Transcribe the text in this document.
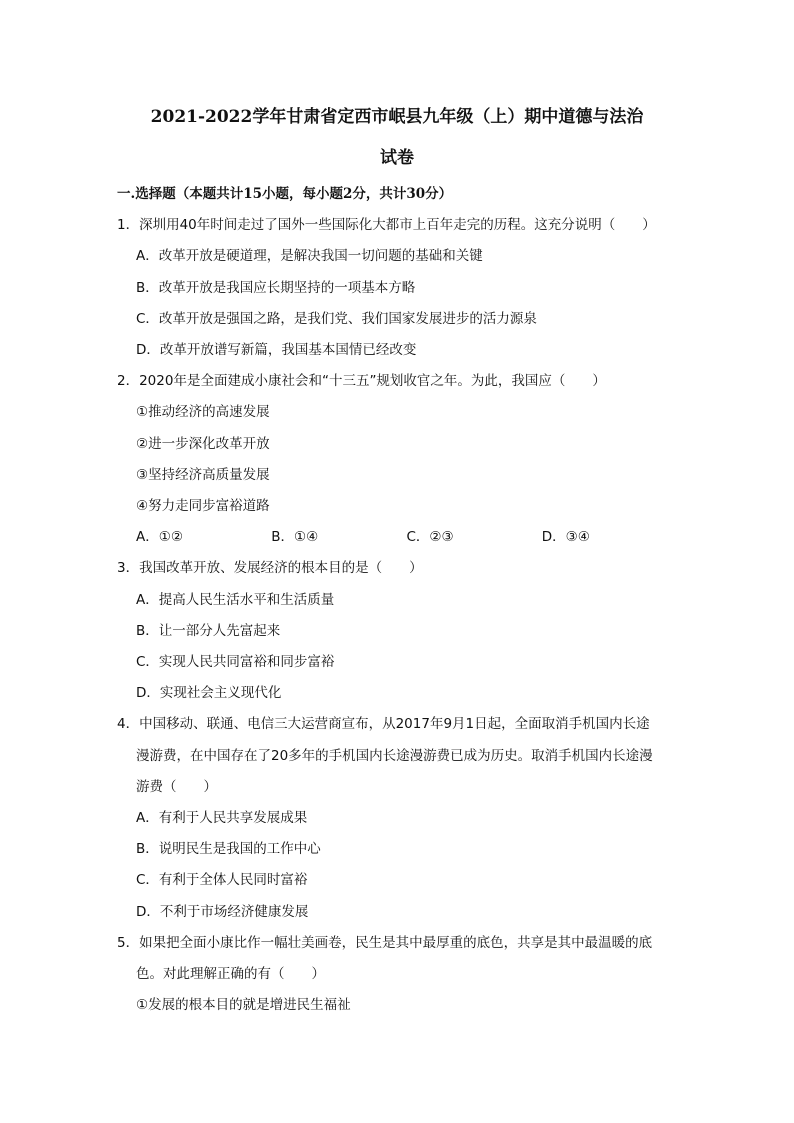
2021-2022学年甘肃省定西市岷县九年级（上）期中道德与法治
试卷
一.选择题（本题共计15小题，每小题2分，共计30分）
1．深圳用40年时间走过了国外一些国际化大都市上百年走完的历程。这充分说明（　　）
A．改革开放是硬道理，是解决我国一切问题的基础和关键
B．改革开放是我国应长期坚持的一项基本方略
C．改革开放是强国之路，是我们党、我们国家发展进步的活力源泉
D．改革开放谱写新篇，我国基本国情已经改变
2．2020年是全面建成小康社会和“十三五”规划收官之年。为此，我国应（　　）
①推动经济的高速发展
②进一步深化改革开放
③坚持经济高质量发展
④努力走同步富裕道路
A．①②	B．①④	C．②③	D．③④
3．我国改革开放、发展经济的根本目的是（　　）
A．提高人民生活水平和生活质量
B．让一部分人先富起来
C．实现人民共同富裕和同步富裕
D．实现社会主义现代化
4．中国移动、联通、电信三大运营商宣布，从2017年9月1日起，全面取消手机国内长途
漫游费，在中国存在了20多年的手机国内长途漫游费已成为历史。取消手机国内长途漫
游费（　　）
A．有利于人民共享发展成果
B．说明民生是我国的工作中心
C．有利于全体人民同时富裕
D．不利于市场经济健康发展
5．如果把全面小康比作一幅壮美画卷，民生是其中最厚重的底色，共享是其中最温暖的底
色。对此理解正确的有（　　）
①发展的根本目的就是增进民生福祉
